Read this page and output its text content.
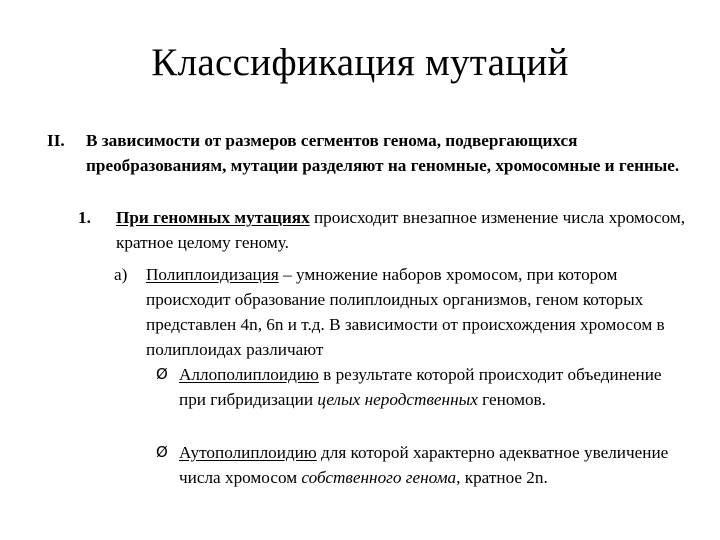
Классификация мутаций
II. В зависимости от размеров сегментов генома, подвергающихся преобразованиям, мутации разделяют на геномные, хромосомные и генные.
1. При геномных мутациях происходит внезапное изменение числа хромосом, кратное целому геному.
а) Полиплоидизация – умножение наборов хромосом, при котором происходит образование полиплоидных организмов, геном которых представлен 4n, 6n и т.д. В зависимости от происхождения хромосом в полиплоидах различают
Ø Аллополиплоидию в результате которой происходит объединение при гибридизации целых неродственных геномов.
Ø Аутополиплоидию для которой характерно адекватное увеличение числа хромосом собственного генома, кратное 2n.
